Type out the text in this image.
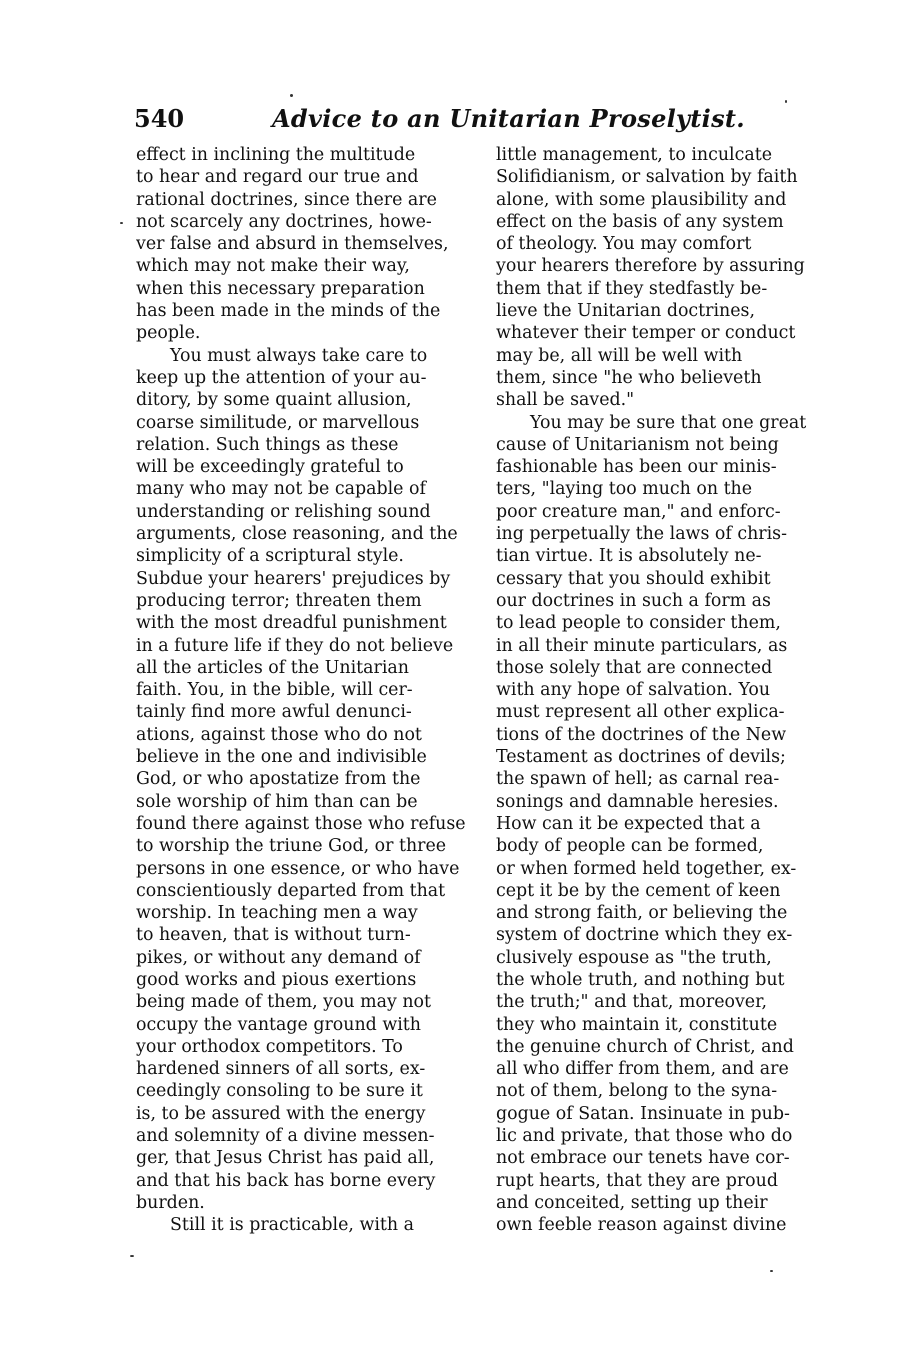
540	Advice to an Unitarian Proselytist.
effect in inclining the multitude
to hear and regard our true and
rational doctrines, since there are
not scarcely any doctrines, howe-
ver false and absurd in themselves,
which may not make their way,
when this necessary preparation
has been made in the minds of the
people.
You must always take care to
keep up the attention of your au-
ditory, by some quaint allusion,
coarse similitude, or marvellous
relation. Such things as these
will be exceedingly grateful to
many who may not be capable of
understanding or relishing sound
arguments, close reasoning, and the
simplicity of a scriptural style.
Subdue your hearers' prejudices by
producing terror; threaten them
with the most dreadful punishment
in a future life if they do not believe
all the articles of the Unitarian
faith. You, in the bible, will cer-
tainly find more awful denunci-
ations, against those who do not
believe in the one and indivisible
God, or who apostatize from the
sole worship of him than can be
found there against those who refuse
to worship the triune God, or three
persons in one essence, or who have
conscientiously departed from that
worship. In teaching men a way
to heaven, that is without turn-
pikes, or without any demand of
good works and pious exertions
being made of them, you may not
occupy the vantage ground with
your orthodox competitors. To
hardened sinners of all sorts, ex-
ceedingly consoling to be sure it
is, to be assured with the energy
and solemnity of a divine messen-
ger, that Jesus Christ has paid all,
and that his back has borne every
burden.
Still it is practicable, with a
little management, to inculcate
Solifidianism, or salvation by faith
alone, with some plausibility and
effect on the basis of any system
of theology. You may comfort
your hearers therefore by assuring
them that if they stedfastly be-
lieve the Unitarian doctrines,
whatever their temper or conduct
may be, all will be well with
them, since "he who believeth
shall be saved."
You may be sure that one great
cause of Unitarianism not being
fashionable has been our minis-
ters, "laying too much on the
poor creature man," and enforc-
ing perpetually the laws of chris-
tian virtue. It is absolutely ne-
cessary that you should exhibit
our doctrines in such a form as
to lead people to consider them,
in all their minute particulars, as
those solely that are connected
with any hope of salvation. You
must represent all other explica-
tions of the doctrines of the New
Testament as doctrines of devils;
the spawn of hell; as carnal rea-
sonings and damnable heresies.
How can it be expected that a
body of people can be formed,
or when formed held together, ex-
cept it be by the cement of keen
and strong faith, or believing the
system of doctrine which they ex-
clusively espouse as "the truth,
the whole truth, and nothing but
the truth;" and that, moreover,
they who maintain it, constitute
the genuine church of Christ, and
all who differ from them, and are
not of them, belong to the syna-
gogue of Satan. Insinuate in pub-
lic and private, that those who do
not embrace our tenets have cor-
rupt hearts, that they are proud
and conceited, setting up their
own feeble reason against divine
